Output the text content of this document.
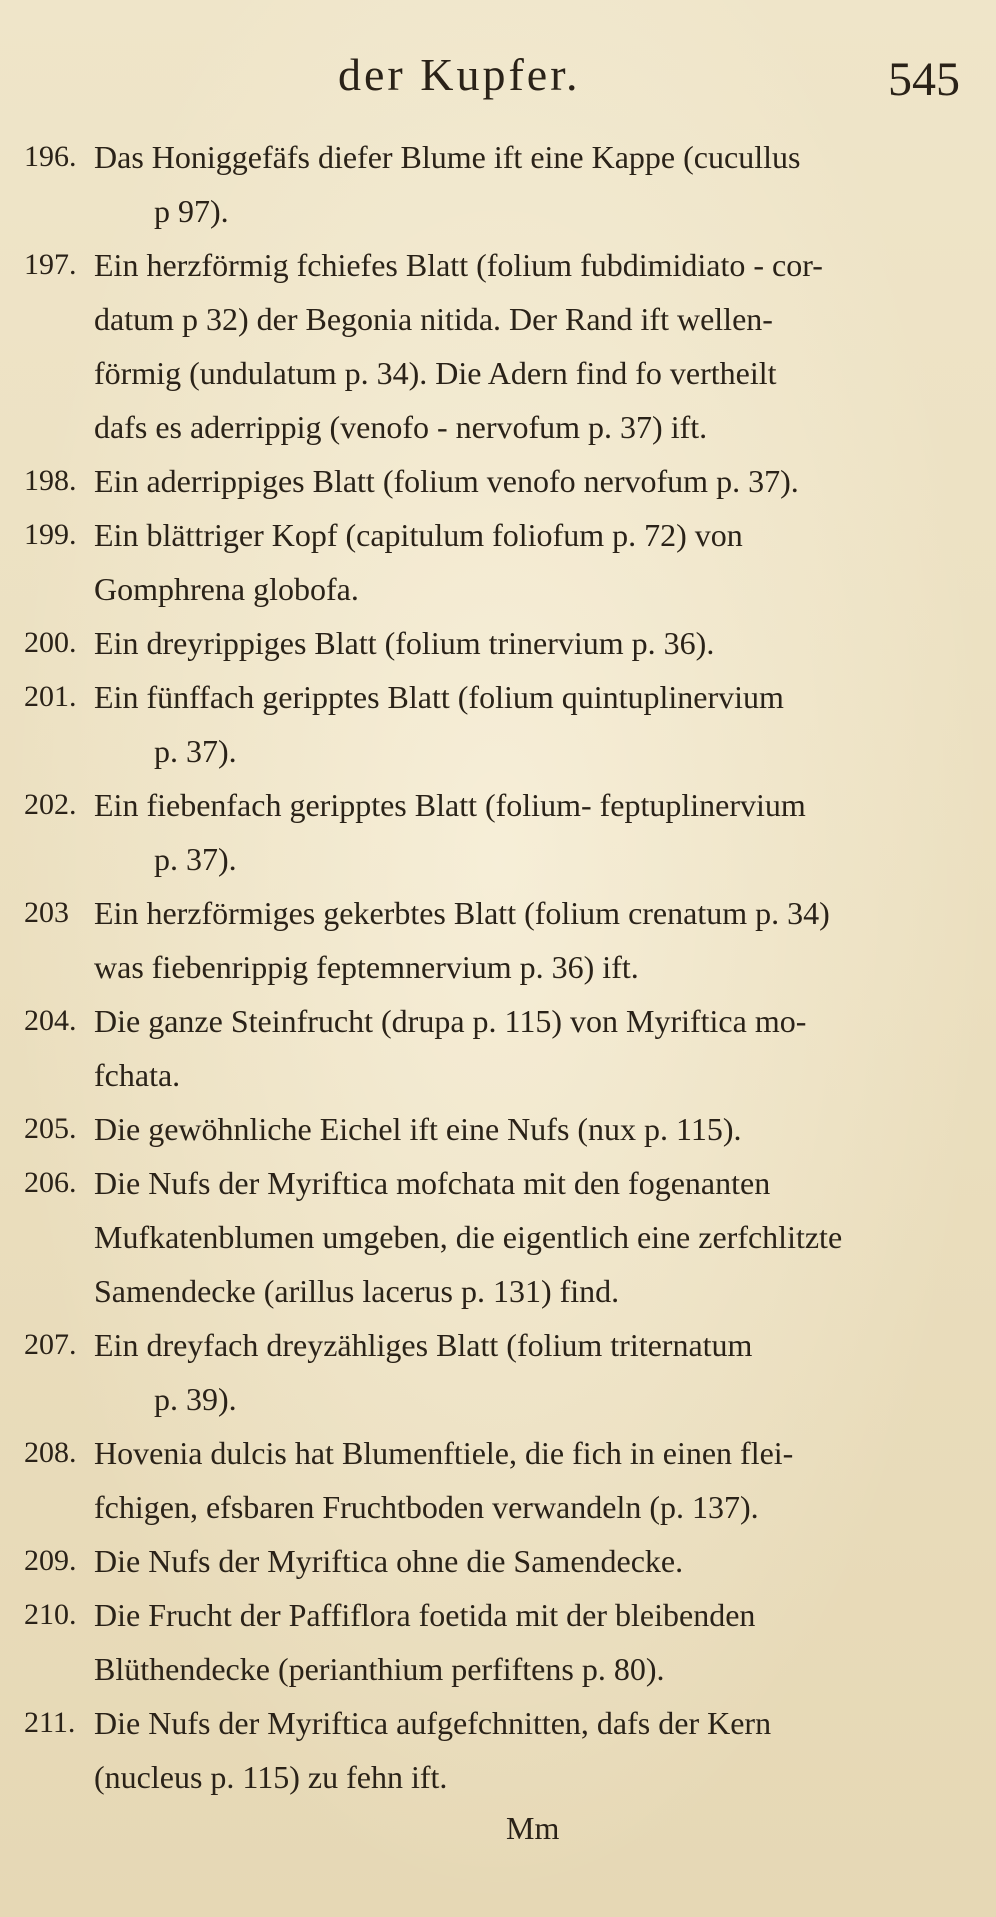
der Kupfer.	545
196. Das Honiggefäfs diefer Blume ift eine Kappe (cucullus
p 97).
197. Ein herzförmig fchiefes Blatt (folium fubdimidiato - cor-
datum p 32) der Begonia nitida. Der Rand ift wellen-
förmig (undulatum p. 34). Die Adern find fo vertheilt
dafs es aderrippig (venofo - nervofum p. 37) ift.
198. Ein aderrippiges Blatt (folium venofo nervofum p. 37).
199. Ein blättriger Kopf (capitulum foliofum p. 72) von
Gomphrena globofa.
200. Ein dreyrippiges Blatt (folium trinervium p. 36).
201. Ein fünffach geripptes Blatt (folium quintuplinervium
p. 37).
202. Ein fiebenfach geripptes Blatt (folium- feptuplinervium
p. 37).
203 Ein herzförmiges gekerbtes Blatt (folium crenatum p. 34)
was fiebenrippig feptemnervium p. 36) ift.
204. Die ganze Steinfrucht (drupa p. 115) von Myriftica mo-
fchata.
205. Die gewöhnliche Eichel ift eine Nufs (nux p. 115).
206. Die Nufs der Myriftica mofchata mit den fogenanten
Mufkatenblumen umgeben, die eigentlich eine zerfchlitzte
Samendecke (arillus lacerus p. 131) find.
207. Ein dreyfach dreyzähliges Blatt (folium triternatum
p. 39).
208. Hovenia dulcis hat Blumenftiele, die fich in einen flei-
fchigen, efsbaren Fruchtboden verwandeln (p. 137).
209. Die Nufs der Myriftica ohne die Samendecke.
210. Die Frucht der Paffiflora foetida mit der bleibenden
Blüthendecke (perianthium perfiftens p. 80).
211. Die Nufs der Myriftica aufgefchnitten, dafs der Kern
(nucleus p. 115) zu fehn ift.
Mm
